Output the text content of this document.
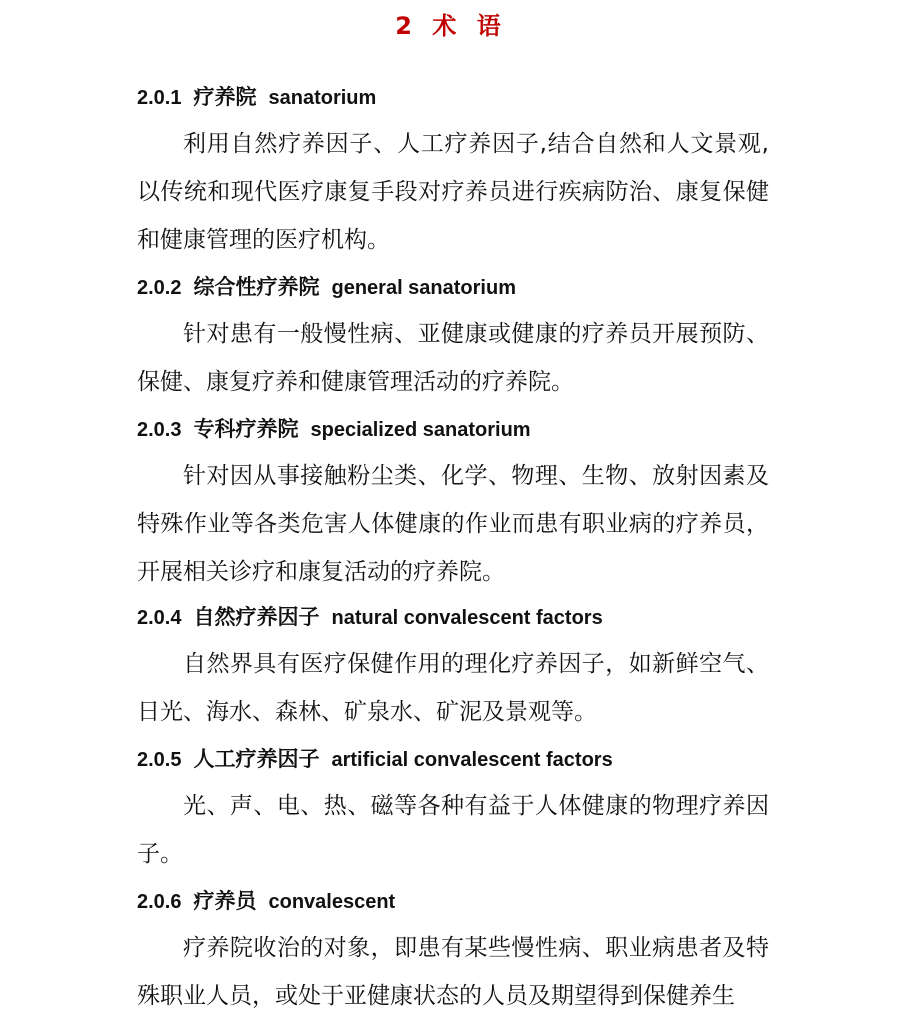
2 术 语
2.0.1 疗养院 sanatorium

利用自然疗养因子、人工疗养因子,结合自然和人文景观,以传统和现代医疗康复手段对疗养员进行疾病防治、康复保健和健康管理的医疗机构。

2.0.2 综合性疗养院 general sanatorium

针对患有一般慢性病、亚健康或健康的疗养员开展预防、保健、康复疗养和健康管理活动的疗养院。

2.0.3 专科疗养院 specialized sanatorium

针对因从事接触粉尘类、化学、物理、生物、放射因素及特殊作业等各类危害人体健康的作业而患有职业病的疗养员，开展相关诊疗和康复活动的疗养院。

2.0.4 自然疗养因子 natural convalescent factors

自然界具有医疗保健作用的理化疗养因子，如新鲜空气、日光、海水、森林、矿泉水、矿泥及景观等。

2.0.5 人工疗养因子 artificial convalescent factors

光、声、电、热、磁等各种有益于人体健康的物理疗养因子。

2.0.6 疗养员 convalescent

疗养院收治的对象，即患有某些慢性病、职业病患者及特殊职业人员，或处于亚健康状态的人员及期望得到保健养生
